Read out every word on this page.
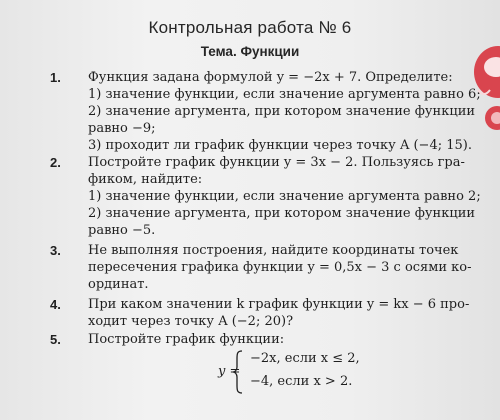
Контрольная работа № 6
Тема. Функции
1. Функция задана формулой y = −2x + 7. Определите:
1) значение функции, если значение аргумента равно 6;
2) значение аргумента, при котором значение функции
равно −9;
3) проходит ли график функции через точку A (−4; 15).
2. Постройте график функции y = 3x − 2. Пользуясь гра-
фиком, найдите:
1) значение функции, если значение аргумента равно 2;
2) значение аргумента, при котором значение функции
равно −5.
3. Не выполняя построения, найдите координаты точек
пересечения графика функции y = 0,5x − 3 с осями ко-
ординат.
4. При каком значении k график функции y = kx − 6 про-
ходит через точку A (−2; 20)?
5. Постройте график функции:
y =
−2x, если x ≤ 2,
−4, если x > 2.
